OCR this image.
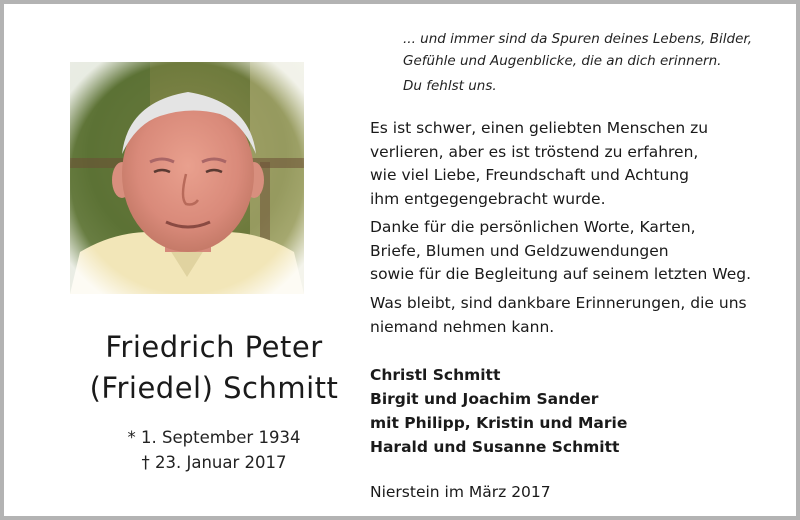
Friedrich Peter
(Friedel) Schmitt
* 1. September 1934
† 23. Januar 2017
... und immer sind da Spuren deines Lebens, Bilder,
Gefühle und Augenblicke, die an dich erinnern.
Du fehlst uns.
Es ist schwer, einen geliebten Menschen zu
verlieren, aber es ist tröstend zu erfahren,
wie viel Liebe, Freundschaft und Achtung
ihm entgegengebracht wurde.
Danke für die persönlichen Worte, Karten,
Briefe, Blumen und Geldzuwendungen
sowie für die Begleitung auf seinem letzten Weg.
Was bleibt, sind dankbare Erinnerungen, die uns
niemand nehmen kann.
Christl Schmitt
Birgit und Joachim Sander
mit Philipp, Kristin und Marie
Harald und Susanne Schmitt
Nierstein im März 2017
